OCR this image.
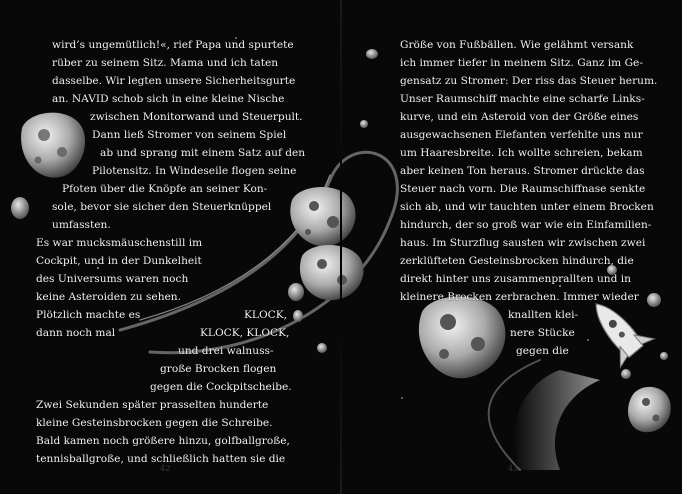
wird’s ungemütlich!«, rief Papa und spurtete
rüber zu seinem Sitz. Mama und ich taten
dasselbe. Wir legten unsere Sicherheitsgurte
an. NAVID schob sich in eine kleine Nische
zwischen Monitorwand und Steuerpult.
Dann ließ Stromer von seinem Spiel
ab und sprang mit einem Satz auf den
Pilotensitz. In Windeseile flogen seine
Pfoten über die Knöpfe an seiner Kon-
sole, bevor sie sicher den Steuerknüppel
umfassten.
Es war mucksmäuschenstill im
Cockpit, und in der Dunkelheit
des Universums waren noch
keine Asteroiden zu sehen.
Plötzlich machte es	KLOCK,
dann noch mal	KLOCK, KLOCK,
und drei walnuss-
große Brocken flogen
gegen die Cockpitscheibe.
Zwei Sekunden später prasselten hunderte
kleine Gesteinsbrocken gegen die Schreibe.
Bald kamen noch größere hinzu, golfballgroße,
tennisballgroße, und schließlich hatten sie die
42
Größe von Fußbällen. Wie gelähmt versank
ich immer tiefer in meinem Sitz. Ganz im Ge-
gensatz zu Stromer: Der riss das Steuer herum.
Unser Raumschiff machte eine scharfe Links-
kurve, und ein Asteroid von der Größe eines
ausgewachsenen Elefanten verfehlte uns nur
um Haaresbreite. Ich wollte schreien, bekam
aber keinen Ton heraus. Stromer drückte das
Steuer nach vorn. Die Raumschiffnase senkte
sich ab, und wir tauchten unter einem Brocken
hindurch, der so groß war wie ein Einfamilien-
haus. Im Sturzflug sausten wir zwischen zwei
zerklüfteten Gesteinsbrocken hindurch, die
direkt hinter uns zusammenprallten und in
kleinere Brocken zerbrachen. Immer wieder
knallten klei-
nere Stücke
gegen die
43
